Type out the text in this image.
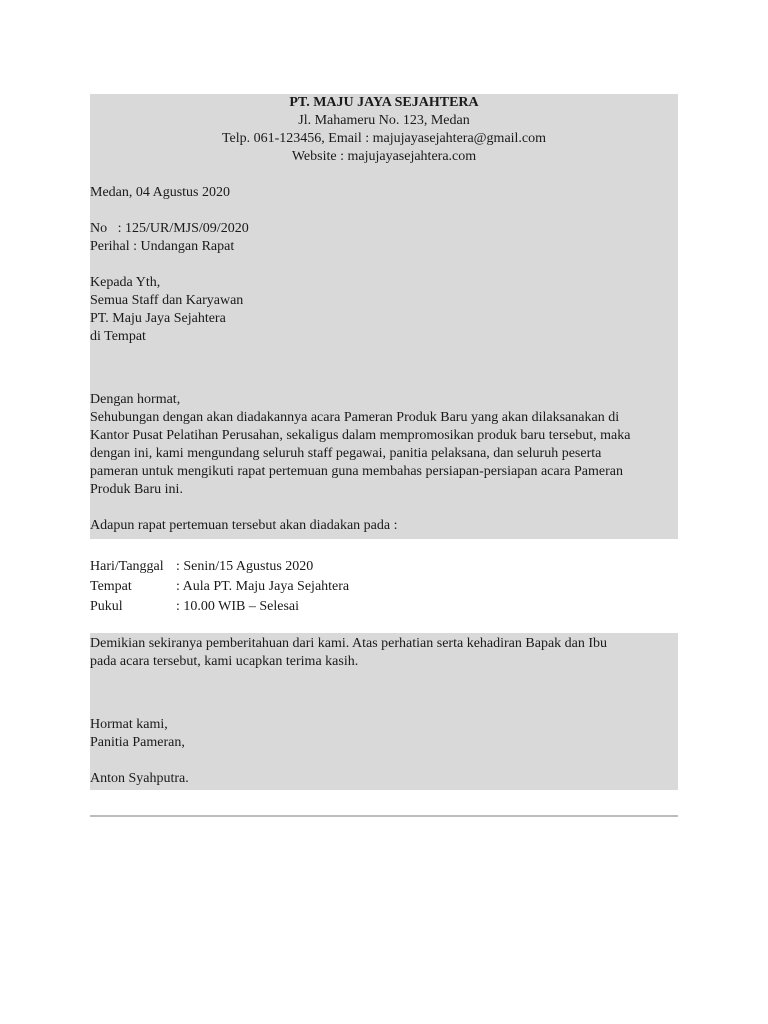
PT. MAJU JAYA SEJAHTERA
Jl. Mahameru No. 123, Medan
Telp. 061-123456, Email : majujayasejahtera@gmail.com
Website : majujayasejahtera.com
Medan, 04 Agustus 2020
No   : 125/UR/MJS/09/2020
Perihal : Undangan Rapat
Kepada Yth,
Semua Staff dan Karyawan
PT. Maju Jaya Sejahtera
di Tempat
Dengan hormat,
Sehubungan dengan akan diadakannya acara Pameran Produk Baru yang akan dilaksanakan di
Kantor Pusat Pelatihan Perusahan, sekaligus dalam mempromosikan produk baru tersebut, maka
dengan ini, kami mengundang seluruh staff pegawai, panitia pelaksana, dan seluruh peserta
pameran untuk mengikuti rapat pertemuan guna membahas persiapan-persiapan acara Pameran
Produk Baru ini.
Adapun rapat pertemuan tersebut akan diadakan pada :
Hari/Tanggal : Senin/15 Agustus 2020
Tempat	: Aula PT. Maju Jaya Sejahtera
Pukul	: 10.00 WIB – Selesai
Demikian sekiranya pemberitahuan dari kami. Atas perhatian serta kehadiran Bapak dan Ibu
pada acara tersebut, kami ucapkan terima kasih.
Hormat kami,
Panitia Pameran,
Anton Syahputra.
